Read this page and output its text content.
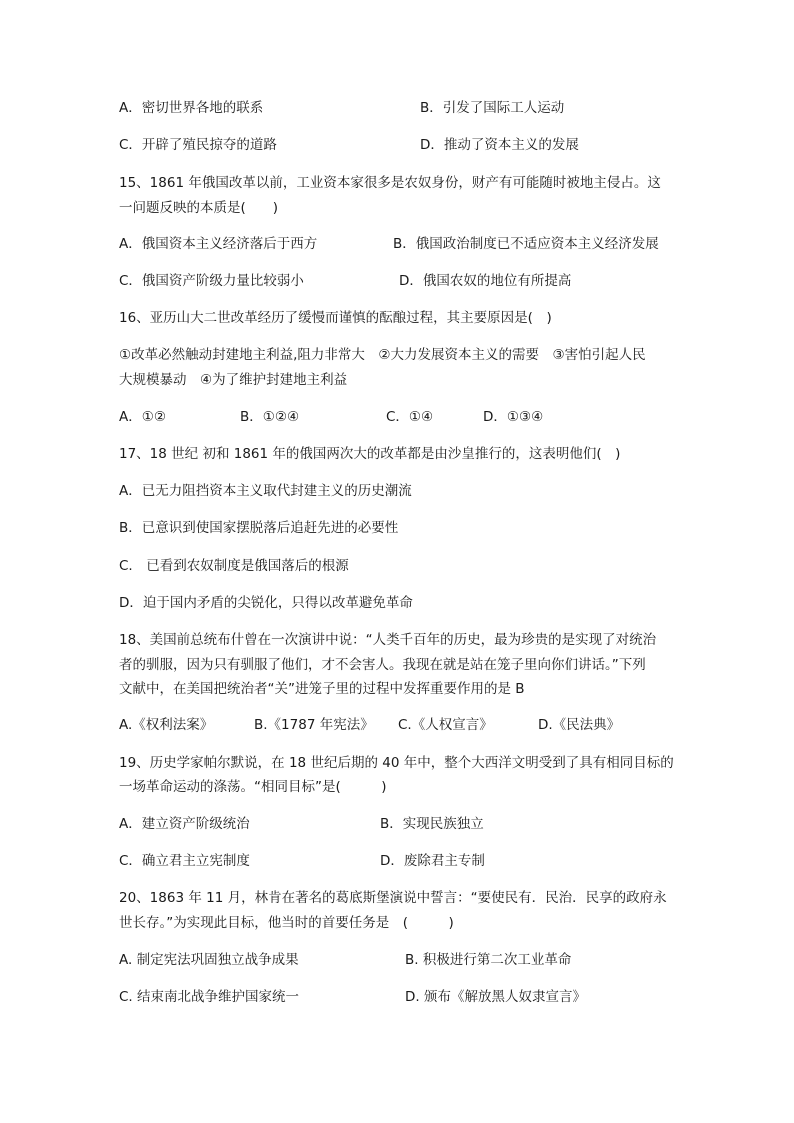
A．密切世界各地的联系	B．引发了国际工人运动
C．开辟了殖民掠夺的道路	D．推动了资本主义的发展
15、1861 年俄国改革以前，工业资本家很多是农奴身份，财产有可能随时被地主侵占。这
一问题反映的本质是(　　)
A．俄国资本主义经济落后于西方	B．俄国政治制度已不适应资本主义经济发展
C．俄国资产阶级力量比较弱小	D．俄国农奴的地位有所提高
16、亚历山大二世改革经历了缓慢而谨慎的酝酿过程，其主要原因是(　)
①改革必然触动封建地主利益,阻力非常大　②大力发展资本主义的需要　③害怕引起人民
大规模暴动　④为了维护封建地主利益
A．①②	B．①②④	C．①④	D．①③④
17、18 世纪 初和 1861 年的俄国两次大的改革都是由沙皇推行的，这表明他们(　)
A．已无力阻挡资本主义取代封建主义的历史潮流
B．已意识到使国家摆脱落后追赶先进的必要性
C.　已看到农奴制度是俄国落后的根源
D．迫于国内矛盾的尖锐化，只得以改革避免革命
18、美国前总统布什曾在一次演讲中说：“人类千百年的历史，最为珍贵的是实现了对统治
者的驯服，因为只有驯服了他们，才不会害人。我现在就是站在笼子里向你们讲话。”下列
文献中，在美国把统治者“关”进笼子里的过程中发挥重要作用的是 B
A.《权利法案》	B.《1787 年宪法》 C.《人权宣言》	D.《民法典》
19、历史学家帕尔默说，在 18 世纪后期的 40 年中，整个大西洋文明受到了具有相同目标的
一场革命运动的涤荡。“相同目标”是(　　　)
A．建立资产阶级统治	B．实现民族独立
C．确立君主立宪制度	D．废除君主专制
20、1863 年 11 月，林肯在著名的葛底斯堡演说中誓言：“要使民有．民治．民享的政府永
世长存。”为实现此目标，他当时的首要任务是　(　　　)
A. 制定宪法巩固独立战争成果	B. 积极进行第二次工业革命
C. 结束南北战争维护国家统一	D. 颁布《解放黑人奴隶宣言》
